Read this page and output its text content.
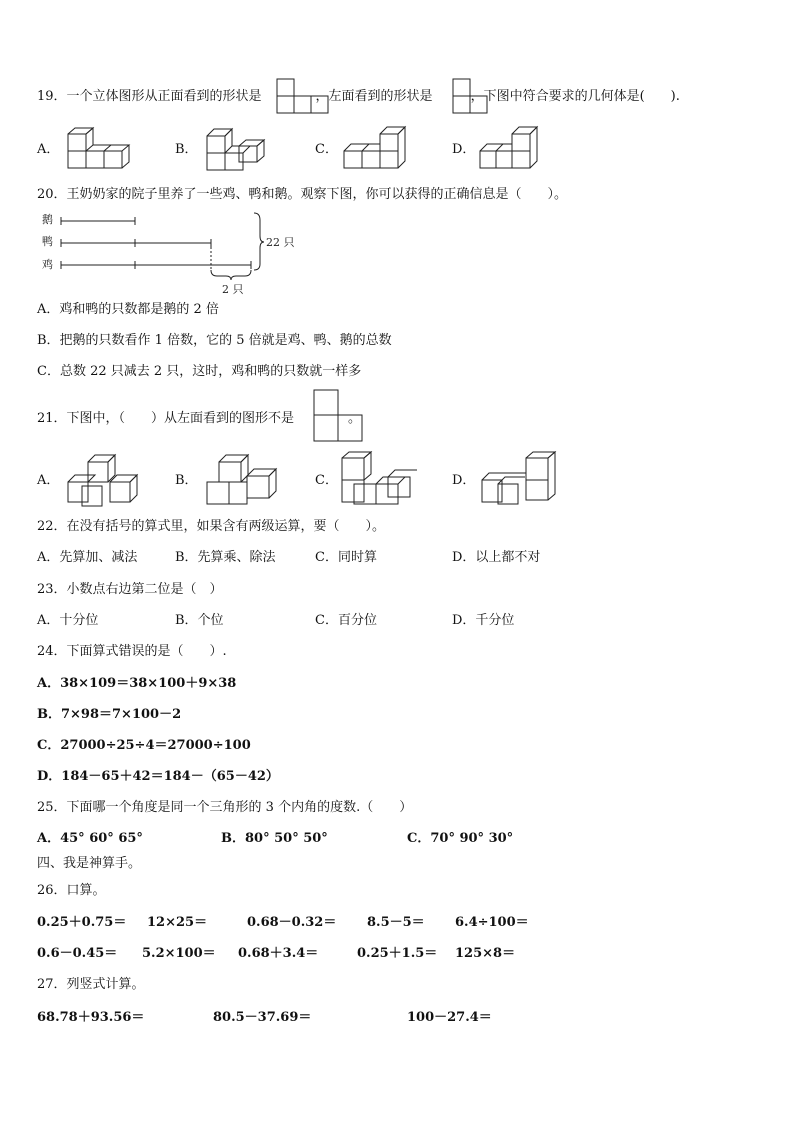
19．一个立体图形从正面看到的形状是	，左面看到的形状是	，下图中符合要求的几何体是(　　).
A．	B．	C．	D．
20．王奶奶家的院子里养了一些鸡、鸭和鹅。观察下图，你可以获得的正确信息是（　　）。
鹅
鸭
鸡
22 只
2 只
A．鸡和鸭的只数都是鹅的 2 倍
B．把鹅的只数看作 1 倍数，它的 5 倍就是鸡、鸭、鹅的总数
C．总数 22 只减去 2 只，这时，鸡和鸭的只数就一样多
21．下图中，（　　）从左面看到的图形不是	。
A．	B．	C．	D．
22．在没有括号的算式里，如果含有两级运算，要（　　）。
A．先算加、减法	B．先算乘、除法	C．同时算	D．以上都不对
23．小数点右边第二位是（　）
A．十分位	B．个位	C．百分位	D．千分位
24．下面算式错误的是（　　）.
A．38×109＝38×100＋9×38
B．7×98＝7×100－2
C．27000÷25÷4＝27000÷100
D．184－65＋42＝184－（65－42）
25．下面哪一个角度是同一个三角形的 3 个内角的度数.（　　）
A．45° 60° 65°	B．80° 50° 50°	C．70° 90° 30°
四、我是神算手。
26．口算。
0.25＋0.75＝ 12×25＝	0.68－0.32＝ 8.5－5＝ 6.4÷100＝
0.6－0.45＝ 5.2×100＝ 0.68＋3.4＝	0.25＋1.5＝ 125×8＝
27．列竖式计算。
68.78＋93.56＝	80.5－37.69＝	100－27.4＝
